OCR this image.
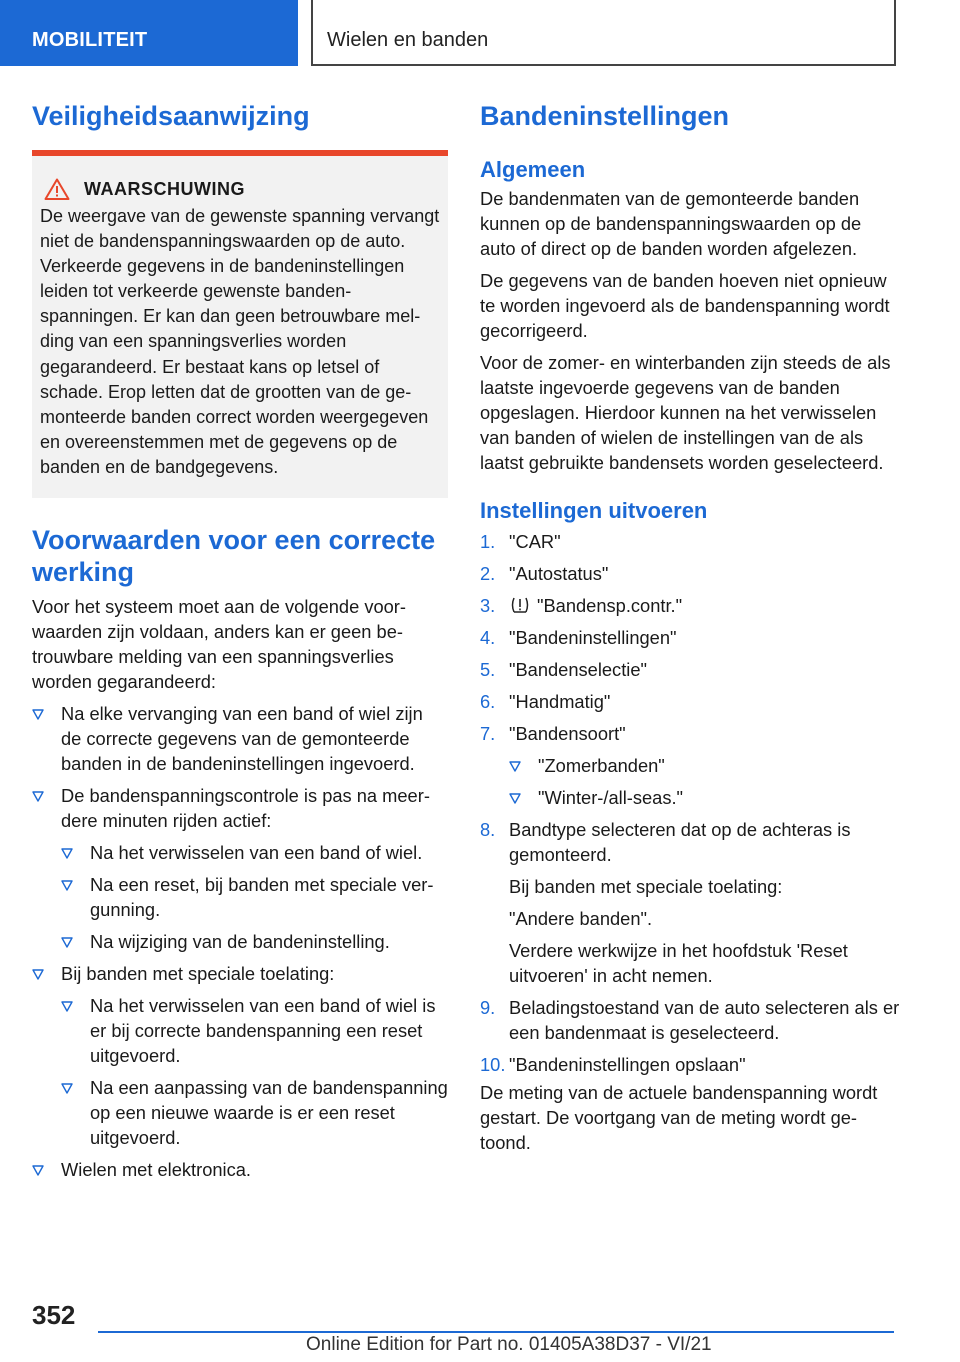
MOBILITEIT	Wielen en banden
Veiligheidsaanwijzing
WAARSCHUWING

De weergave van de gewenste spanning vervangt niet de bandenspanningswaarden op de auto. Verkeerde gegevens in de bandeninstellingen leiden tot verkeerde gewenste bandenspanningen. Er kan dan geen betrouwbare melding van een spanningsverlies worden gegarandeerd. Er bestaat kans op letsel of schade. Erop letten dat de grootten van de gemonteerde banden correct worden weergegeven en overeenstemmen met de gegevens op de banden en de bandgegevens.

Voorwaarden voor een correcte werking

Voor het systeem moet aan de volgende voorwaarden zijn voldaan, anders kan er geen betrouwbare melding van een spanningsverlies worden gegarandeerd:

Na elke vervanging van een band of wiel zijn de correcte gegevens van de gemonteerde banden in de bandeninstellingen ingevoerd.
De bandenspanningscontrole is pas na meerdere minuten rijden actief:
Na het verwisselen van een band of wiel.
Na een reset, bij banden met speciale vergunning.
Na wijziging van de bandeninstelling.
Bij banden met speciale toelating:
Na het verwisselen van een band of wiel is er bij correcte bandenspanning een reset uitgevoerd.
Na een aanpassing van de bandenspanning op een nieuwe waarde is er een reset uitgevoerd.
Wielen met elektronica.
Bandeninstellingen
Algemeen

De bandenmaten van de gemonteerde banden kunnen op de bandenspanningswaarden op de auto of direct op de banden worden afgelezen.

De gegevens van de banden hoeven niet opnieuw te worden ingevoerd als de bandenspanning wordt gecorrigeerd.

Voor de zomer- en winterbanden zijn steeds de als laatste ingevoerde gegevens van de banden opgeslagen. Hierdoor kunnen na het verwisselen van banden of wielen de instellingen van de als laatst gebruikte bandensets worden geselecteerd.

Instellingen uitvoeren
1. "CAR"
2. "Autostatus"
3. "Bandensp.contr."
4. "Bandeninstellingen"
5. "Bandenselectie"
6. "Handmatig"
7. "Bandensoort"
"Zomerbanden"
"Winter-/all-seas."
8. Bandtype selecteren dat op de achteras is gemonteerd.

Bij banden met speciale toelating:

"Andere banden".

Verdere werkwijze in het hoofdstuk 'Reset uitvoeren' in acht nemen.

9. Beladingstoestand van de auto selecteren als er een bandenmaat is geselecteerd.
10. "Bandeninstellingen opslaan"

De meting van de actuele bandenspanning wordt gestart. De voortgang van de meting wordt getoond.

352
Online Edition for Part no. 01405A38D37 - VI/21
